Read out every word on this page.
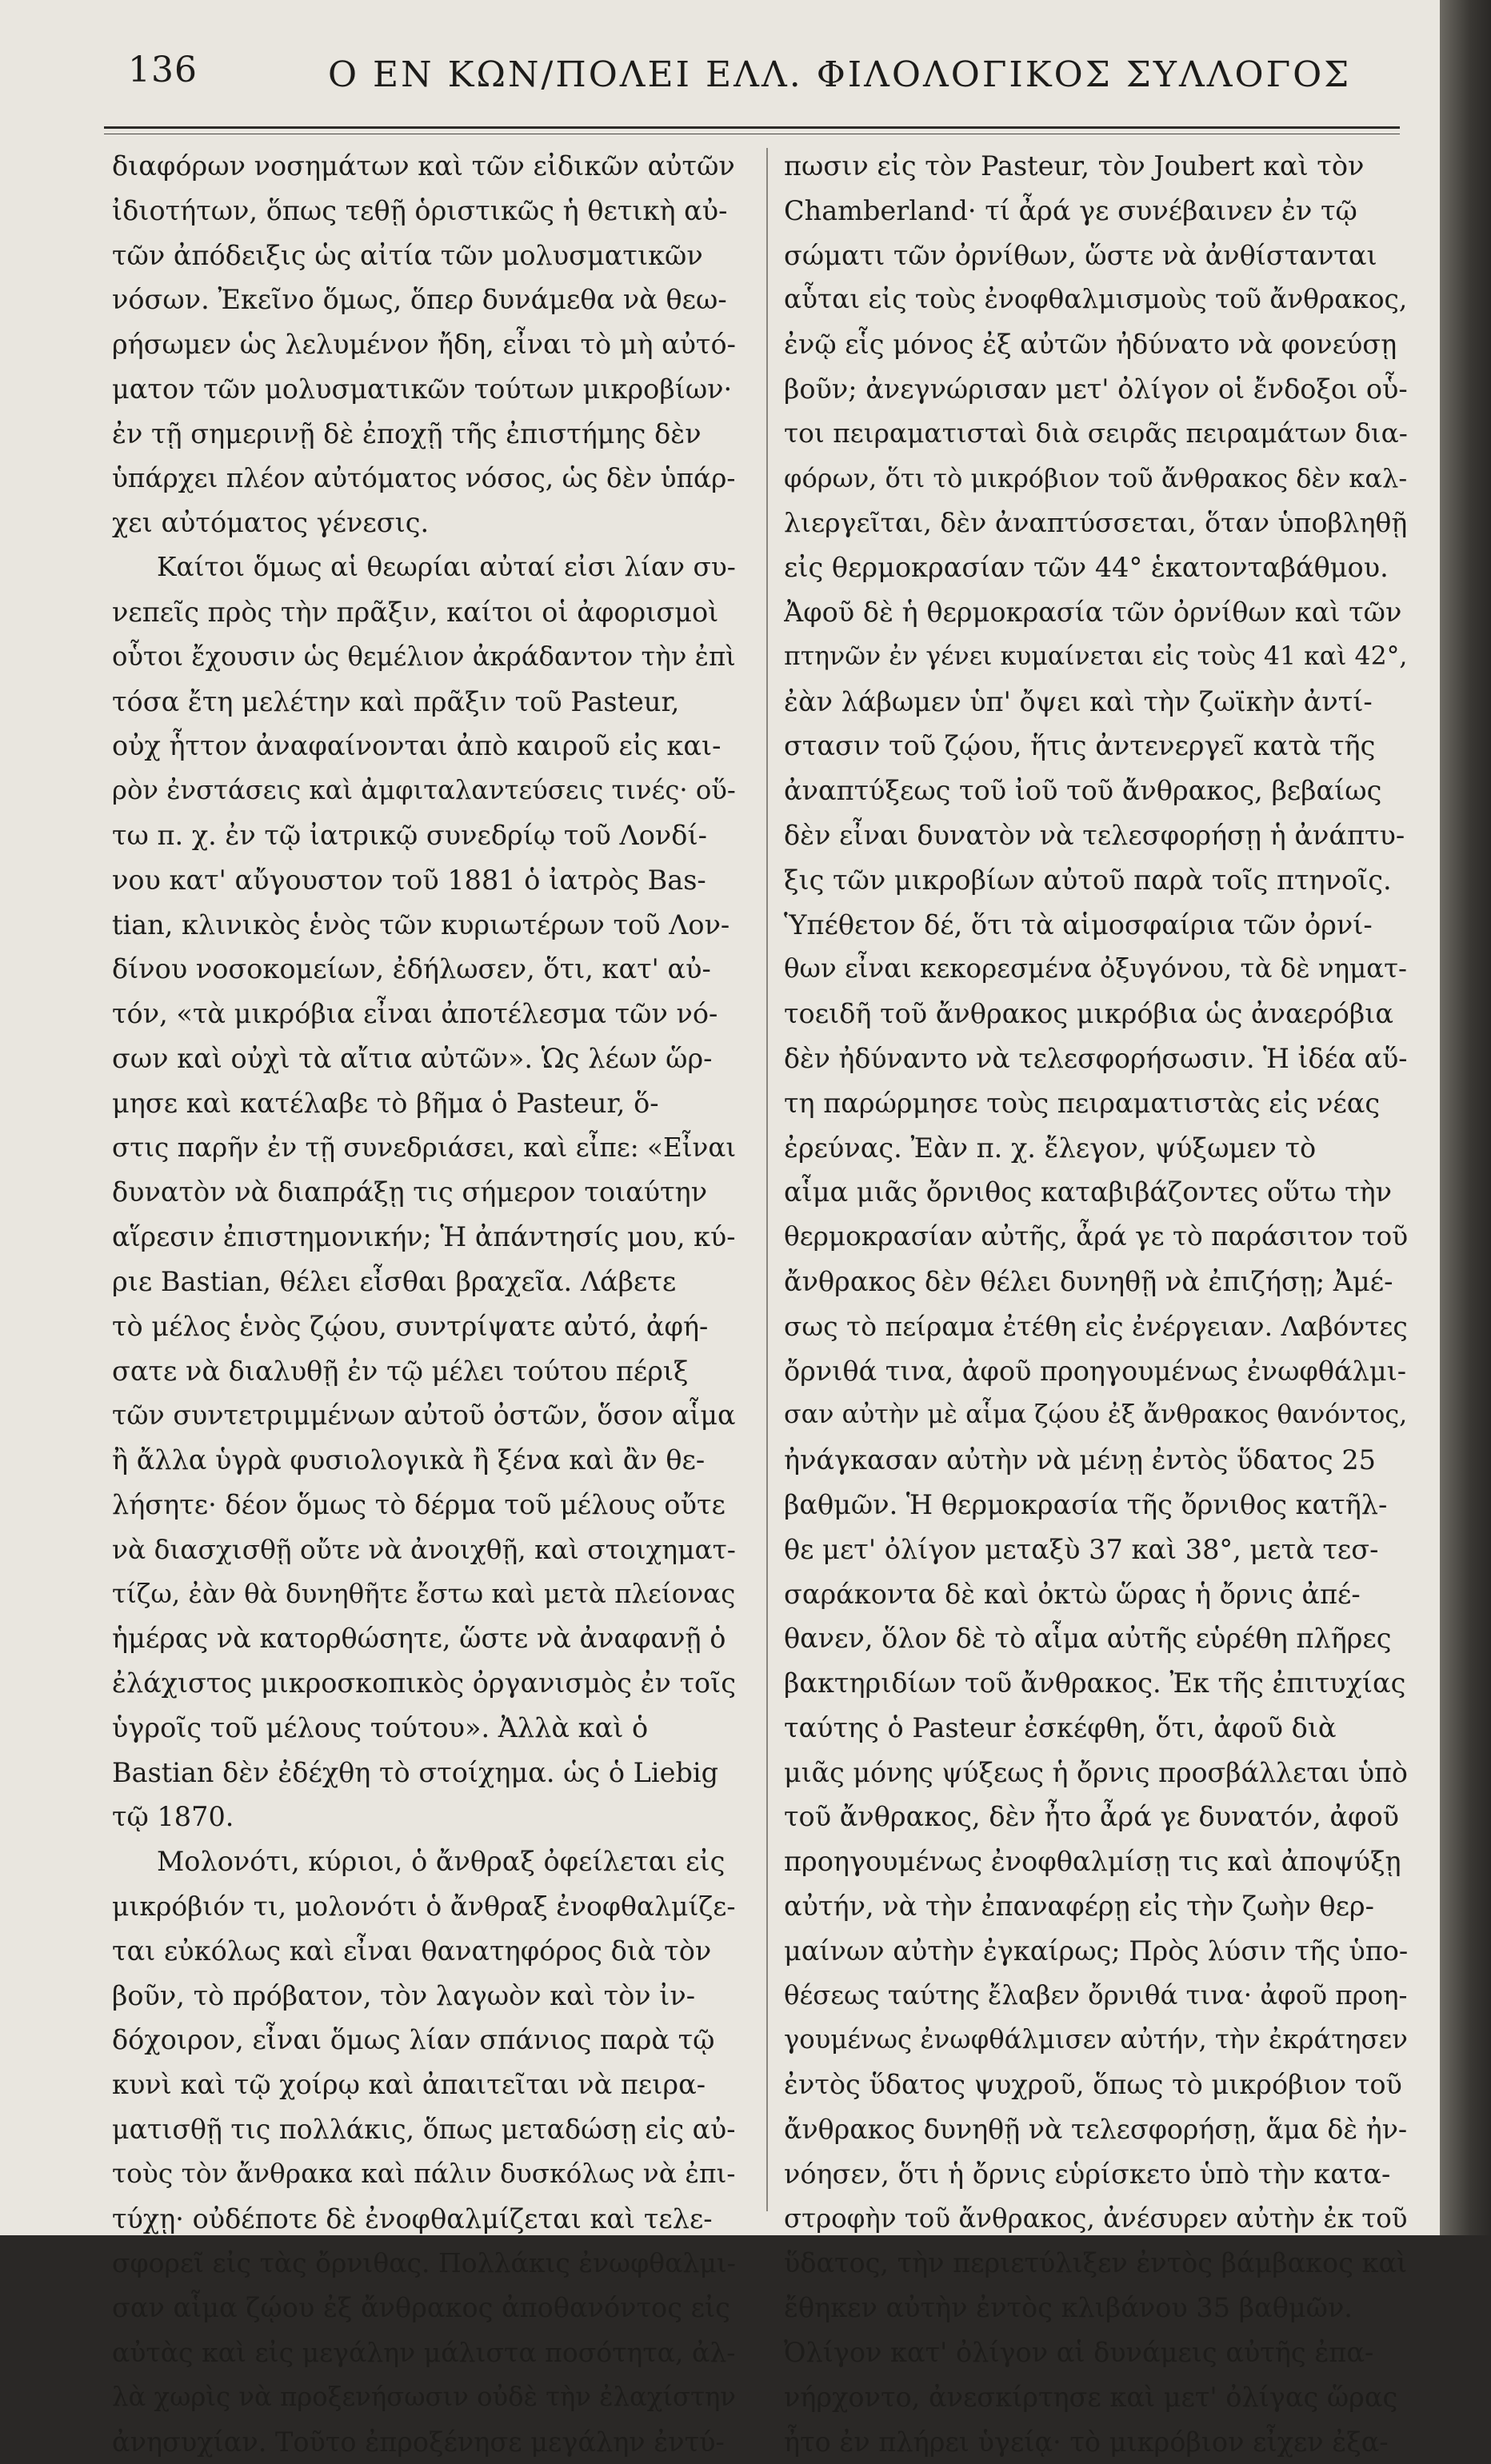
136	Ο ΕΝ ΚΩΝ/ΠΟΛΕΙ ΕΛΛ. ΦΙΛΟΛΟΓΙΚΟΣ ΣΥΛΛΟΓΟΣ
διαφόρων νοσημάτων καὶ τῶν εἰδικῶν αὐτῶν
ἰδιοτήτων, ὅπως τεθῇ ὁριστικῶς ἡ θετικὴ αὐ-
τῶν ἀπόδειξις ὡς αἰτία τῶν μολυσματικῶν
νόσων. Ἐκεῖνο ὅμως, ὅπερ δυνάμεθα νὰ θεω-
ρήσωμεν ὡς λελυμένον ἤδη, εἶναι τὸ μὴ αὐτό-
ματον τῶν μολυσματικῶν τούτων μικροβίων·
ἐν τῇ σημερινῇ δὲ ἐποχῇ τῆς ἐπιστήμης δὲν
ὑπάρχει πλέον αὐτόματος νόσος, ὡς δὲν ὑπάρ-
χει αὐτόματος γένεσις.
Καίτοι ὅμως αἱ θεωρίαι αὐταί εἰσι λίαν συ-
νεπεῖς πρὸς τὴν πρᾶξιν, καίτοι οἱ ἀφορισμοὶ
οὗτοι ἔχουσιν ὡς θεμέλιον ἀκράδαντον τὴν ἐπὶ
τόσα ἔτη μελέτην καὶ πρᾶξιν τοῦ Pasteur,
οὐχ ἧττον ἀναφαίνονται ἀπὸ καιροῦ εἰς και-
ρὸν ἐνστάσεις καὶ ἀμφιταλαντεύσεις τινές· οὕ-
τω π. χ. ἐν τῷ ἰατρικῷ συνεδρίῳ τοῦ Λονδί-
νου κατ' αὔγουστον τοῦ 1881 ὁ ἰατρὸς Bas-
tian, κλινικὸς ἑνὸς τῶν κυριωτέρων τοῦ Λον-
δίνου νοσοκομείων, ἐδήλωσεν, ὅτι, κατ' αὐ-
τόν, «τὰ μικρόβια εἶναι ἀποτέλεσμα τῶν νό-
σων καὶ οὐχὶ τὰ αἴτια αὐτῶν». Ὡς λέων ὥρ-
μησε καὶ κατέλαβε τὸ βῆμα ὁ Pasteur, ὅ-
στις παρῆν ἐν τῇ συνεδριάσει, καὶ εἶπε: «Εἶναι
δυνατὸν νὰ διαπράξῃ τις σήμερον τοιαύτην
αἵρεσιν ἐπιστημονικήν; Ἡ ἀπάντησίς μου, κύ-
ριε Bastian, θέλει εἶσθαι βραχεῖα. Λάβετε
τὸ μέλος ἑνὸς ζῴου, συντρίψατε αὐτό, ἀφή-
σατε νὰ διαλυθῇ ἐν τῷ μέλει τούτου πέριξ
τῶν συντετριμμένων αὐτοῦ ὀστῶν, ὅσον αἷμα
ἢ ἄλλα ὑγρὰ φυσιολογικὰ ἢ ξένα καὶ ἂν θε-
λήσητε· δέον ὅμως τὸ δέρμα τοῦ μέλους οὔτε
νὰ διασχισθῇ οὔτε νὰ ἀνοιχθῇ, καὶ στοιχηματ-
τίζω, ἐὰν θὰ δυνηθῆτε ἔστω καὶ μετὰ πλείονας
ἡμέρας νὰ κατορθώσητε, ὥστε νὰ ἀναφανῇ ὁ
ἐλάχιστος μικροσκοπικὸς ὀργανισμὸς ἐν τοῖς
ὑγροῖς τοῦ μέλους τούτου». Ἀλλὰ καὶ ὁ
Bastian δὲν ἐδέχθη τὸ στοίχημα. ὡς ὁ Liebig
τῷ 1870.
Μολονότι, κύριοι, ὁ ἄνθραξ ὀφείλεται εἰς
μικρόβιόν τι, μολονότι ὁ ἄνθραξ ἐνοφθαλμίζε-
ται εὐκόλως καὶ εἶναι θανατηφόρος διὰ τὸν
βοῦν, τὸ πρόβατον, τὸν λαγωὸν καὶ τὸν ἰν-
δόχοιρον, εἶναι ὅμως λίαν σπάνιος παρὰ τῷ
κυνὶ καὶ τῷ χοίρῳ καὶ ἀπαιτεῖται νὰ πειρα-
ματισθῇ τις πολλάκις, ὅπως μεταδώσῃ εἰς αὐ-
τοὺς τὸν ἄνθρακα καὶ πάλιν δυσκόλως νὰ ἐπι-
τύχῃ· οὐδέποτε δὲ ἐνοφθαλμίζεται καὶ τελε-
σφορεῖ εἰς τὰς ὄρνιθας. Πολλάκις ἐνωφθαλμι-
σαν αἷμα ζῴου ἐξ ἄνθρακος ἀποθανόντος εἰς
αὐτὰς καὶ εἰς μεγάλην μάλιστα ποσότητα, ἀλ-
λὰ χωρὶς νὰ προξενήσωσιν οὐδὲ τὴν ἐλαχίστην
ἀνησυχίαν. Τοῦτο ἐπροξένησε μεγάλην ἐντύ-
πωσιν εἰς τὸν Pasteur, τὸν Joubert καὶ τὸν
Chamberland· τί ἆρά γε συνέβαινεν ἐν τῷ
σώματι τῶν ὀρνίθων, ὥστε νὰ ἀνθίστανται
αὗται εἰς τοὺς ἐνοφθαλμισμοὺς τοῦ ἄνθρακος,
ἐνῷ εἷς μόνος ἐξ αὐτῶν ἠδύνατο νὰ φονεύσῃ
βοῦν; ἀνεγνώρισαν μετ' ὀλίγον οἱ ἔνδοξοι οὗ-
τοι πειραματισταὶ διὰ σειρᾶς πειραμάτων δια-
φόρων, ὅτι τὸ μικρόβιον τοῦ ἄνθρακος δὲν καλ-
λιεργεῖται, δὲν ἀναπτύσσεται, ὅταν ὑποβληθῇ
εἰς θερμοκρασίαν τῶν 44° ἑκατονταβάθμου.
Ἀφοῦ δὲ ἡ θερμοκρασία τῶν ὀρνίθων καὶ τῶν
πτηνῶν ἐν γένει κυμαίνεται εἰς τοὺς 41 καὶ 42°,
ἐὰν λάβωμεν ὑπ' ὄψει καὶ τὴν ζωϊκὴν ἀντί-
στασιν τοῦ ζῴου, ἥτις ἀντενεργεῖ κατὰ τῆς
ἀναπτύξεως τοῦ ἰοῦ τοῦ ἄνθρακος, βεβαίως
δὲν εἶναι δυνατὸν νὰ τελεσφορήσῃ ἡ ἀνάπτυ-
ξις τῶν μικροβίων αὐτοῦ παρὰ τοῖς πτηνοῖς.
Ὑπέθετον δέ, ὅτι τὰ αἱμοσφαίρια τῶν ὀρνί-
θων εἶναι κεκορεσμένα ὀξυγόνου, τὰ δὲ νηματ-
τοειδῆ τοῦ ἄνθρακος μικρόβια ὡς ἀναερόβια
δὲν ἠδύναντο νὰ τελεσφορήσωσιν. Ἡ ἰδέα αὕ-
τη παρώρμησε τοὺς πειραματιστὰς εἰς νέας
ἐρεύνας. Ἐὰν π. χ. ἔλεγον, ψύξωμεν τὸ
αἷμα μιᾶς ὄρνιθος καταβιβάζοντες οὕτω τὴν
θερμοκρασίαν αὐτῆς, ἆρά γε τὸ παράσιτον τοῦ
ἄνθρακος δὲν θέλει δυνηθῇ νὰ ἐπιζήσῃ; Ἀμέ-
σως τὸ πείραμα ἐτέθη εἰς ἐνέργειαν. Λαβόντες
ὄρνιθά τινα, ἀφοῦ προηγουμένως ἐνωφθάλμι-
σαν αὐτὴν μὲ αἷμα ζῴου ἐξ ἄνθρακος θανόντος,
ἠνάγκασαν αὐτὴν νὰ μένῃ ἐντὸς ὕδατος 25
βαθμῶν. Ἡ θερμοκρασία τῆς ὄρνιθος κατῆλ-
θε μετ' ὀλίγον μεταξὺ 37 καὶ 38°, μετὰ τεσ-
σαράκοντα δὲ καὶ ὀκτὼ ὥρας ἡ ὄρνις ἀπέ-
θανεν, ὅλον δὲ τὸ αἷμα αὐτῆς εὑρέθη πλῆρες
βακτηριδίων τοῦ ἄνθρακος. Ἐκ τῆς ἐπιτυχίας
ταύτης ὁ Pasteur ἐσκέφθη, ὅτι, ἀφοῦ διὰ
μιᾶς μόνης ψύξεως ἡ ὄρνις προσβάλλεται ὑπὸ
τοῦ ἄνθρακος, δὲν ἦτο ἆρά γε δυνατόν, ἀφοῦ
προηγουμένως ἐνοφθαλμίσῃ τις καὶ ἀποψύξῃ
αὐτήν, νὰ τὴν ἐπαναφέρῃ εἰς τὴν ζωὴν θερ-
μαίνων αὐτὴν ἐγκαίρως; Πρὸς λύσιν τῆς ὑπο-
θέσεως ταύτης ἔλαβεν ὄρνιθά τινα· ἀφοῦ προη-
γουμένως ἐνωφθάλμισεν αὐτήν, τὴν ἐκράτησεν
ἐντὸς ὕδατος ψυχροῦ, ὅπως τὸ μικρόβιον τοῦ
ἄνθρακος δυνηθῇ νὰ τελεσφορήσῃ, ἅμα δὲ ἠν-
νόησεν, ὅτι ἡ ὄρνις εὑρίσκετο ὑπὸ τὴν κατα-
στροφὴν τοῦ ἄνθρακος, ἀνέσυρεν αὐτὴν ἐκ τοῦ
ὕδατος, τὴν περιετύλιξεν ἐντὸς βάμβακος καὶ
ἔθηκεν αὐτὴν ἐντὸς κλιβάνου 35 βαθμῶν.
Ὀλίγον κατ' ὀλίγον αἱ δυνάμεις αὐτῆς ἐπα-
νήρχοντο, ἀνεσκίρτησε καὶ μετ' ὀλίγας ὥρας
ἦτο ἐν πλήρει ὑγείᾳ· τὸ μικρόβιον εἶχεν ἐξα-
